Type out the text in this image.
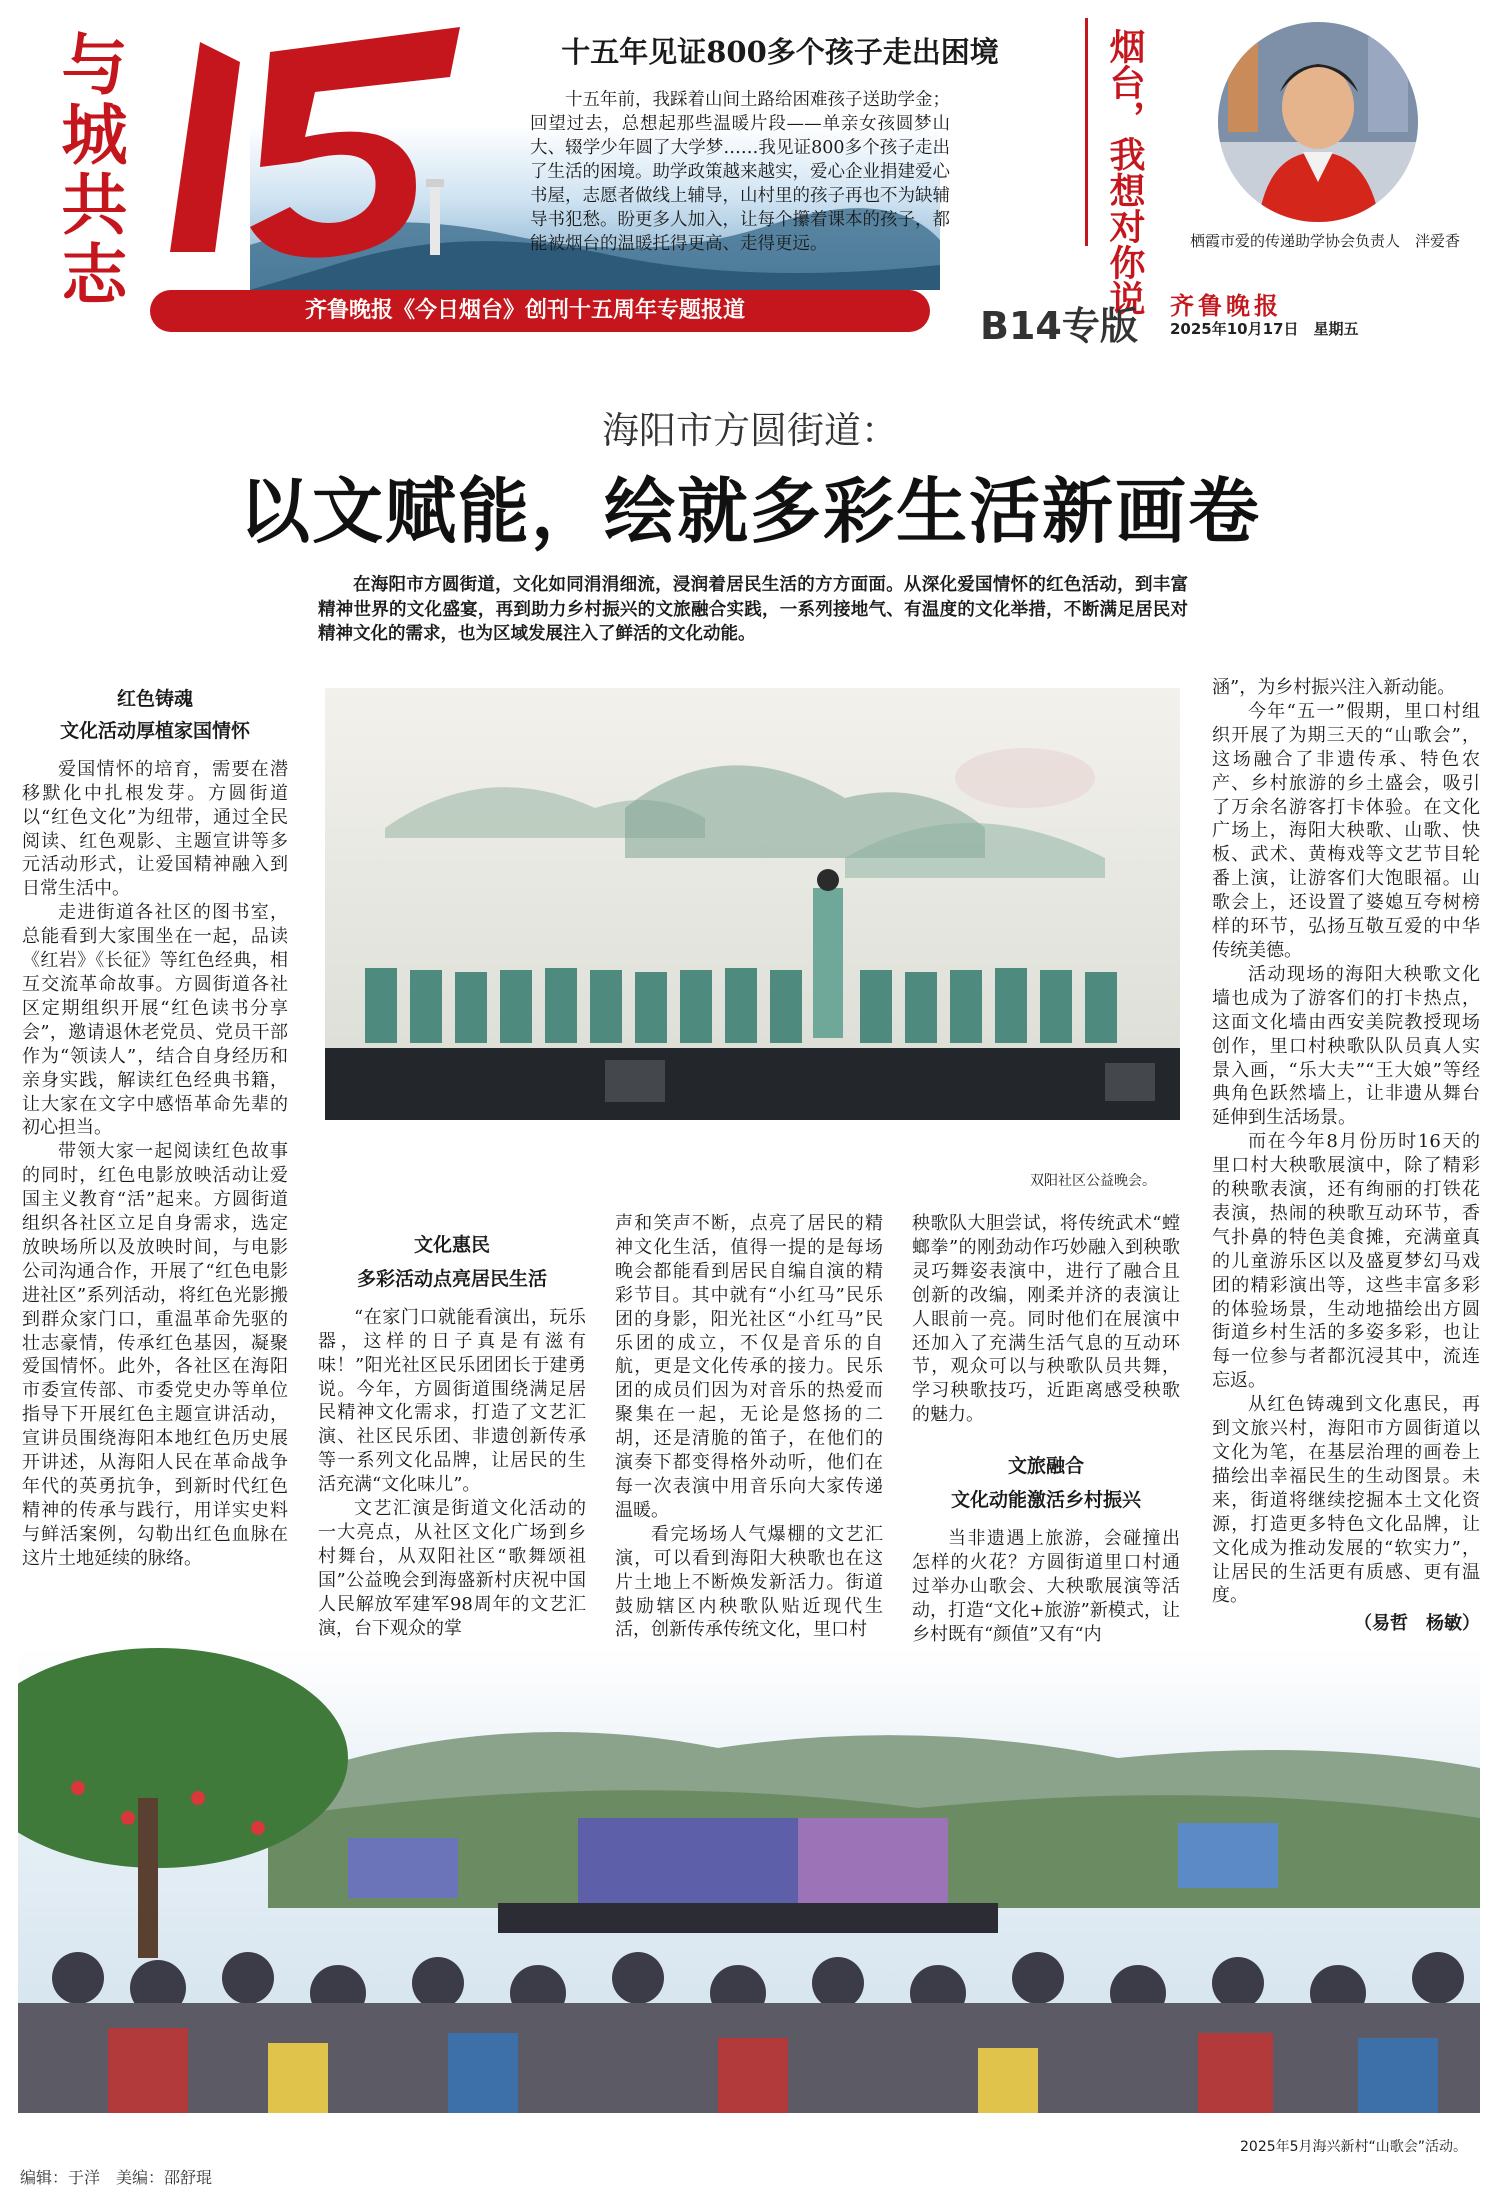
与城共志
齐鲁晚报《今日烟台》创刊十五周年专题报道
十五年见证800多个孩子走出困境
十五年前，我踩着山间土路给困难孩子送助学金；回望过去，总想起那些温暖片段——单亲女孩圆梦山大、辍学少年圆了大学梦……我见证800多个孩子走出了生活的困境。助学政策越来越实，爱心企业捐建爱心书屋，志愿者做线上辅导，山村里的孩子再也不为缺辅导书犯愁。盼更多人加入，让每个攥着课本的孩子，都能被烟台的温暖托得更高、走得更远。	烟台，我想对你说	栖霞市爱的传递助学协会负责人　泮爱香
B14专版 齐鲁晚报
2025年10月17日　星期五
海阳市方圆街道：
以文赋能，绘就多彩生活新画卷
在海阳市方圆街道，文化如同涓涓细流，浸润着居民生活的方方面面。从深化爱国情怀的红色活动，到丰富精神世界的文化盛宴，再到助力乡村振兴的文旅融合实践，一系列接地气、有温度的文化举措，不断满足居民对精神文化的需求，也为区域发展注入了鲜活的文化动能。
红色铸魂
文化活动厚植家国情怀

爱国情怀的培育，需要在潜移默化中扎根发芽。方圆街道以“红色文化”为纽带，通过全民阅读、红色观影、主题宣讲等多元活动形式，让爱国精神融入到日常生活中。

走进街道各社区的图书室，总能看到大家围坐在一起，品读《红岩》《长征》等红色经典，相互交流革命故事。方圆街道各社区定期组织开展“红色读书分享会”，邀请退休老党员、党员干部作为“领读人”，结合自身经历和亲身实践，解读红色经典书籍，让大家在文字中感悟革命先辈的初心担当。

带领大家一起阅读红色故事的同时，红色电影放映活动让爱国主义教育“活”起来。方圆街道组织各社区立足自身需求，选定放映场所以及放映时间，与电影公司沟通合作，开展了“红色电影进社区”系列活动，将红色光影搬到群众家门口，重温革命先驱的壮志豪情，传承红色基因，凝聚爱国情怀。此外，各社区在海阳市委宣传部、市委党史办等单位指导下开展红色主题宣讲活动，宣讲员围绕海阳本地红色历史展开讲述，从海阳人民在革命战争年代的英勇抗争，到新时代红色精神的传承与践行，用详实史料与鲜活案例，勾勒出红色血脉在这片土地延续的脉络。

双阳社区公益晚会。
文化惠民
多彩活动点亮居民生活

“在家门口就能看演出，玩乐器，这样的日子真是有滋有味！”阳光社区民乐团团长于建勇说。今年，方圆街道围绕满足居民精神文化需求，打造了文艺汇演、社区民乐团、非遗创新传承等一系列文化品牌，让居民的生活充满“文化味儿”。

文艺汇演是街道文化活动的一大亮点，从社区文化广场到乡村舞台，从双阳社区“歌舞颂祖国”公益晚会到海盛新村庆祝中国人民解放军建军98周年的文艺汇演，台下观众的掌

声和笑声不断，点亮了居民的精神文化生活，值得一提的是每场晚会都能看到居民自编自演的精彩节目。其中就有“小红马”民乐团的身影，阳光社区“小红马”民乐团的成立，不仅是音乐的自航，更是文化传承的接力。民乐团的成员们因为对音乐的热爱而聚集在一起，无论是悠扬的二胡，还是清脆的笛子，在他们的演奏下都变得格外动听，他们在每一次表演中用音乐向大家传递温暖。

看完场场人气爆棚的文艺汇演，可以看到海阳大秧歌也在这片土地上不断焕发新活力。街道鼓励辖区内秧歌队贴近现代生活，创新传承传统文化，里口村

秧歌队大胆尝试，将传统武术“螳螂拳”的刚劲动作巧妙融入到秧歌灵巧舞姿表演中，进行了融合且创新的改编，刚柔并济的表演让人眼前一亮。同时他们在展演中还加入了充满生活气息的互动环节，观众可以与秧歌队员共舞，学习秧歌技巧，近距离感受秧歌的魅力。

文旅融合
文化动能激活乡村振兴

当非遗遇上旅游，会碰撞出怎样的火花？方圆街道里口村通过举办山歌会、大秧歌展演等活动，打造“文化+旅游”新模式，让乡村既有“颜值”又有“内

涵”，为乡村振兴注入新动能。

今年“五一”假期，里口村组织开展了为期三天的“山歌会”，这场融合了非遗传承、特色农产、乡村旅游的乡土盛会，吸引了万余名游客打卡体验。在文化广场上，海阳大秧歌、山歌、快板、武术、黄梅戏等文艺节目轮番上演，让游客们大饱眼福。山歌会上，还设置了婆媳互夸树榜样的环节，弘扬互敬互爱的中华传统美德。

活动现场的海阳大秧歌文化墙也成为了游客们的打卡热点，这面文化墙由西安美院教授现场创作，里口村秧歌队队员真人实景入画，“乐大夫”“王大娘”等经典角色跃然墙上，让非遗从舞台延伸到生活场景。

而在今年8月份历时16天的里口村大秧歌展演中，除了精彩的秧歌表演，还有绚丽的打铁花表演，热闹的秧歌互动环节，香气扑鼻的特色美食摊，充满童真的儿童游乐区以及盛夏梦幻马戏团的精彩演出等，这些丰富多彩的体验场景，生动地描绘出方圆街道乡村生活的多姿多彩，也让每一位参与者都沉浸其中，流连忘返。

从红色铸魂到文化惠民，再到文旅兴村，海阳市方圆街道以文化为笔，在基层治理的画卷上描绘出幸福民生的生动图景。未来，街道将继续挖掘本土文化资源，打造更多特色文化品牌，让文化成为推动发展的“软实力”，让居民的生活更有质感、更有温度。

（易哲　杨敏）
2025年5月海兴新村“山歌会”活动。
编辑：于洋　美编：邵舒琨
